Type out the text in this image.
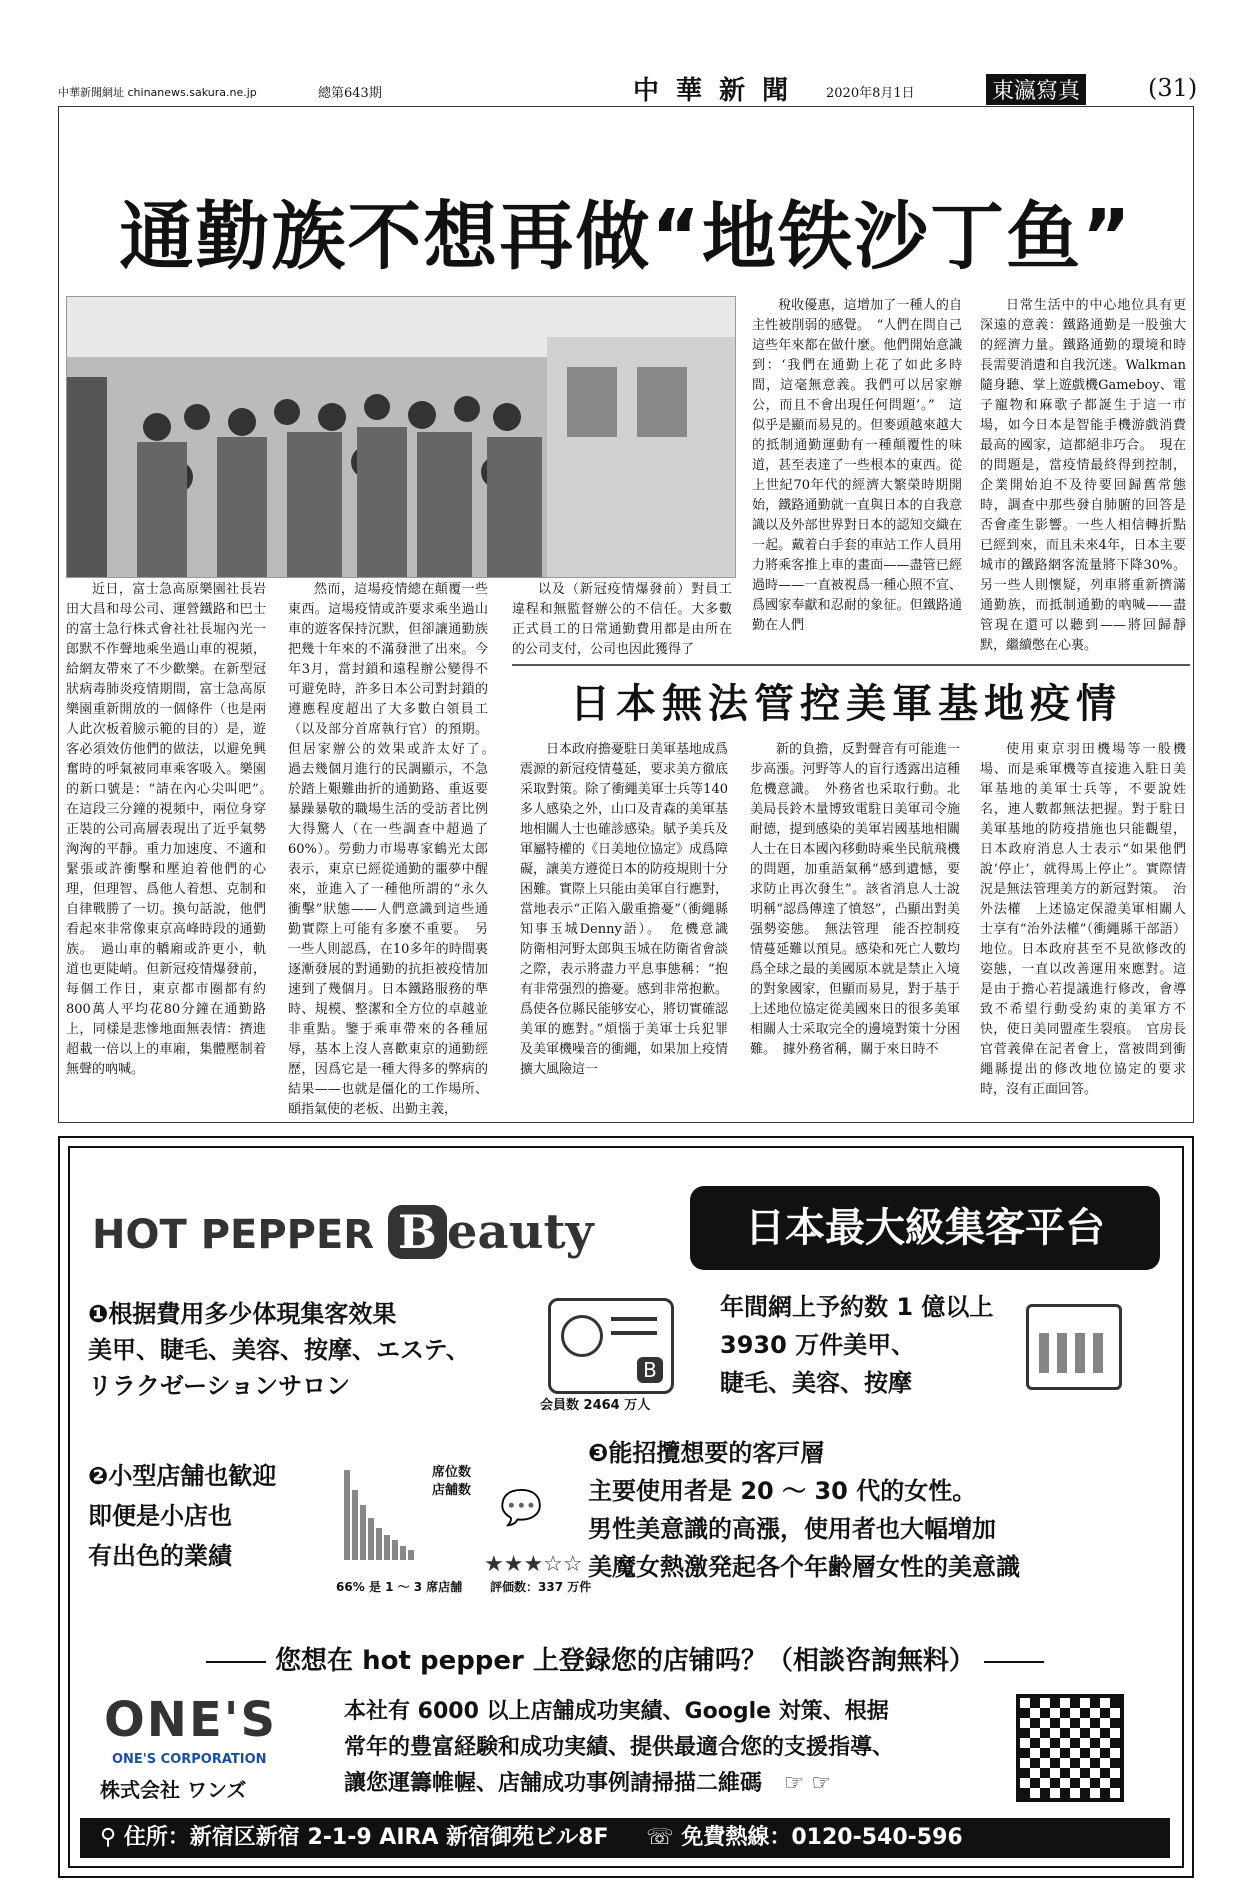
中華新聞網址 chinanews.sakura.ne.jp	總第643期	中 華 新 聞	2020年8月1日	東瀛寫真	(31)
通勤族不想再做“地铁沙丁鱼”

近日，富士急高原樂園社長岩田大昌和母公司、運營鐵路和巴士的富士急行株式會社社長堀內光一郎默不作聲地乘坐過山車的視頻，給網友帶來了不少歡樂。在新型冠狀病毒肺炎疫情期間，富士急高原樂園重新開放的一個條件（也是兩人此次板着臉示範的目的）是，遊客必須效仿他們的做法，以避免興奮時的呼氣被同車乘客吸入。樂園的新口號是：“請在內心尖叫吧”。　在這段三分鐘的視頻中，兩位身穿正裝的公司高層表現出了近乎氣勢洶洶的平靜。重力加速度、不適和緊張或許衝擊和壓迫着他們的心理，但理智、爲他人着想、克制和自律戰勝了一切。換句話說，他們看起來非常像東京高峰時段的通勤族。　過山車的轎廂或許更小，軌道也更陡峭。但新冠疫情爆發前，每個工作日，東京都市圈都有約800萬人平均花80分鐘在通勤路上，同樣是悲慘地面無表情：擠進超載一倍以上的車廂，集體壓制着無聲的吶喊。

然而，這場疫情總在顛覆一些東西。這場疫情或許要求乘坐過山車的遊客保持沉默，但卻讓通勤族把幾十年來的不滿發泄了出來。今年3月，當封鎖和遠程辦公變得不可避免時，許多日本公司對封鎖的遵應程度超出了大多數白領員工（以及部分首席執行官）的預期。但居家辦公的效果或許太好了。　過去幾個月進行的民調顯示，不急於踏上艱難曲折的通勤路、重返要暴躁暴敬的職場生活的受訪者比例大得驚人（在一些調查中超過了60%）。勞動力市場專家鶴光太郎表示，東京已經從通勤的噩夢中醒來，並進入了一種他所謂的“永久衝擊”狀態——人們意識到這些通勤實際上可能有多麼不重要。　另一些人則認爲，在10多年的時間裏逐漸發展的對通勤的抗拒被疫情加速到了幾個月。日本鐵路服務的準時、規模、整潔和全方位的卓越並非重點。鑒于乘車帶來的各種屈辱，基本上沒人喜歡東京的通勤經歷，因爲它是一種大得多的弊病的結果——也就是僵化的工作場所、頤指氣使的老板、出勤主義，

以及（新冠疫情爆發前）對員工違程和無監督辦公的不信任。大多數正式員工的日常通勤費用都是由所在的公司支付，公司也因此獲得了

稅收優惠，這增加了一種人的自主性被削弱的感覺。　“人們在問自己這些年來都在做什麼。他們開始意識到：‘我們在通勤上花了如此多時間，這毫無意義。我們可以居家辦公，而且不會出現任何問題’。”　這似乎是顯而易見的。但麥頭越來越大的抵制通勤運動有一種顛覆性的味道，甚至表達了一些根本的東西。從上世紀70年代的經濟大繁榮時期開始，鐵路通勤就一直與日本的自我意識以及外部世界對日本的認知交織在一起。戴着白手套的車站工作人員用力將乘客推上車的畫面——盡管已經過時——一直被視爲一種心照不宣、爲國家奉獻和忍耐的象征。但鐵路通勤在人們

日常生活中的中心地位具有更深遠的意義：鐵路通勤是一股強大的經濟力量。鐵路通勤的環境和時長需要消遣和自我沉迷。Walkman隨身聽、掌上遊戲機Gameboy、電子寵物和麻歌子都誕生于這一市場，如今日本是智能手機游戲消費最高的國家，這都絕非巧合。　現在的問題是，當疫情最終得到控制，企業開始迫不及待要回歸舊常態時，調查中那些發自肺腑的回答是否會產生影響。一些人相信轉折點已經到來，而且未來4年，日本主要城市的鐵路網客流量將下降30%。另一些人則懷疑，列車將重新擠滿通勤族，而抵制通勤的吶喊——盡管現在還可以聽到——將回歸靜默，繼續憋在心裏。

日本無法管控美軍基地疫情

日本政府擔憂駐日美軍基地成爲震源的新冠疫情蔓延，要求美方徹底采取對策。除了衝繩美軍士兵等140多人感染之外，山口及青森的美軍基地相關人士也確診感染。賦予美兵及軍屬特權的《日美地位協定》成爲障礙，讓美方遵從日本的防疫規則十分困難。實際上只能由美軍自行應對，當地表示“正陷入嚴重擔憂”（衝繩縣知事玉城Denny語）。　危機意識　防衛相河野太郎與玉城在防衛省會談之際，表示將盡力平息事態稱：“抱有非常强烈的擔憂。感到非常抱歉。爲使各位縣民能够安心，將切實確認美軍的應對。”煩惱于美軍士兵犯罪及美軍機噪音的衝繩，如果加上疫情擴大風險這一

新的負擔，反對聲音有可能進一步高漲。河野等人的盲行透露出這種危機意識。　外務省也采取行動。北美局長鈴木量博致電駐日美軍司令施耐德，提到感染的美軍岩國基地相關人士在日本國內移動時乘坐民航飛機的問題，加重語氣稱“感到遺憾，要求防止再次發生”。該省消息人士說明稱“認爲傳達了憤怒”，凸顯出對美强勢姿態。　無法管理　能否控制疫情蔓延難以預見。感染和死亡人數均爲全球之最的美國原本就是禁止入境的對象國家，但顯而易見，對于基于上述地位協定從美國來日的很多美軍相關人士采取完全的邊境對策十分困難。　據外務省稱，關于來日時不

使用東京羽田機場等一般機場、而是乘軍機等直接進入駐日美軍基地的美軍士兵等，不要說姓名，連人數都無法把握。對于駐日美軍基地的防疫措施也只能觀望，日本政府消息人士表示“如果他們說‘停止’，就得馬上停止”。實際情況是無法管理美方的新冠對策。　治外法權　上述協定保證美軍相關人士享有“治外法權”（衝繩縣干部語）地位。日本政府甚至不見欲修改的姿態，一直以改善運用來應對。這是由于擔心若提議進行修改，會導致不希望行動受約束的美軍方不快，使日美同盟產生裂痕。　官房長官菅義偉在記者會上，當被問到衝繩縣提出的修改地位協定的要求時，沒有正面回答。

HOT PEPPER B eauty	日本最大級集客平台
❶根据費用多少体現集客效果
美甲、睫毛、美容、按摩、エステ、
リラクゼーションサロン
B
会員数 2464 万人
年間網上予約数 1 億以上
3930 万件美甲、
睫毛、美容、按摩
❷小型店舗也歓迎
即便是小店也
有出色的業績
席位数
店舗数
66% 是 1 ～ 3 席店舗
💬
★★★☆☆
評価数：337 万件
❸能招攬想要的客戸層
主要使用者是 20 ～ 30 代的女性。
男性美意識的高漲，使用者也大幅増加
美魔女熱激発起各个年齢層女性的美意識
您想在 hot pepper 上登録您的店铺吗？（相談咨詢無料）
ONE'S
ONE'S CORPORATION
株式会社 ワンズ
本社有 6000 以上店舗成功実績、Google 対策、根据
常年的豊富経験和成功実績、提供最適合您的支援指導、
讓您運籌帷幄、店舗成功事例請掃描二維碼　☞ ☞
⚲ 住所：新宿区新宿 2-1-9 AIRA 新宿御苑ビル8F ☏ 免費熱線：0120-540-596
